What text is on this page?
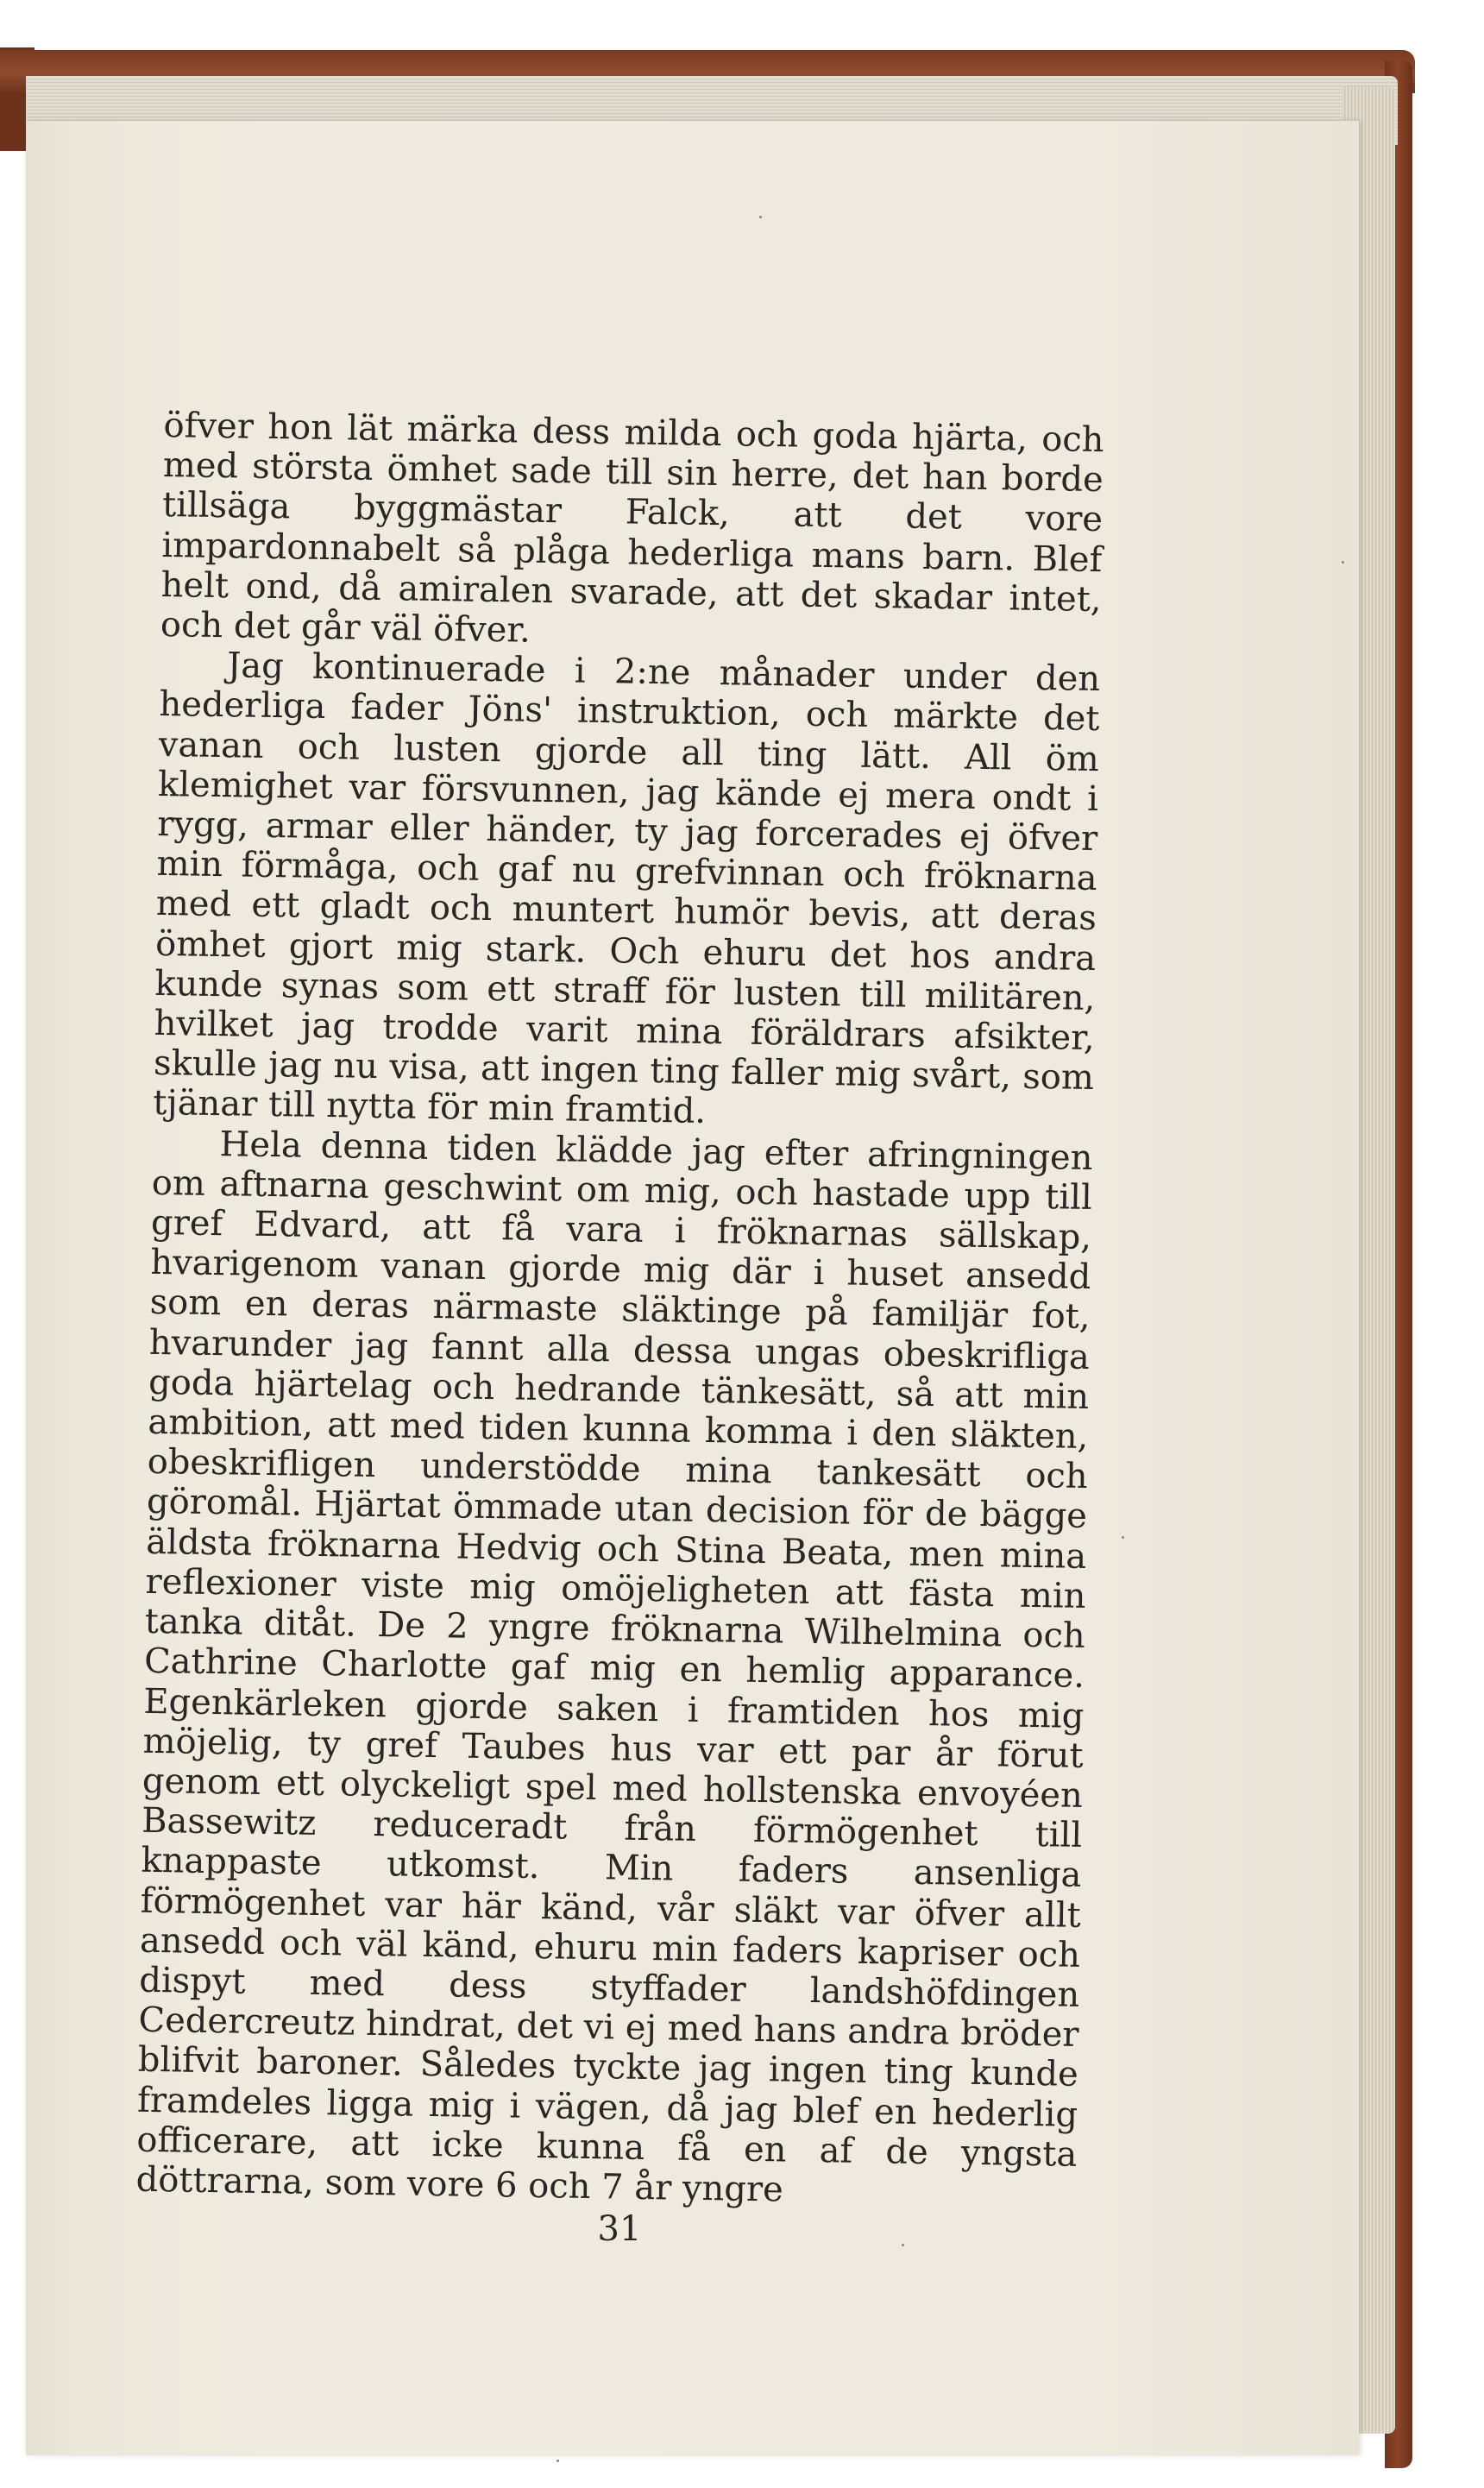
öfver hon lät märka dess milda och goda hjärta, och med största ömhet sade till sin herre, det han borde tillsäga byggmästar Falck, att det vore impardonnabelt så plåga hederliga mans barn. Blef helt ond, då amiralen svarade, att det skadar intet, och det går väl öfver.

Jag kontinuerade i 2:ne månader under den hederliga fader Jöns' instruktion, och märkte det vanan och lusten gjorde all ting lätt. All öm klemighet var försvunnen, jag kände ej mera ondt i rygg, armar eller händer, ty jag forcerades ej öfver min förmåga, och gaf nu grefvinnan och fröknarna med ett gladt och muntert humör bevis, att deras ömhet gjort mig stark. Och ehuru det hos andra kunde synas som ett straff för lusten till militären, hvilket jag trodde varit mina föräldrars afsikter, skulle jag nu visa, att ingen ting faller mig svårt, som tjänar till nytta för min framtid.

Hela denna tiden klädde jag efter afringningen om aftnarna geschwint om mig, och hastade upp till gref Edvard, att få vara i fröknarnas sällskap, hvarigenom vanan gjorde mig där i huset ansedd som en deras närmaste släktinge på familjär fot, hvarunder jag fannt alla dessa ungas obeskrifliga goda hjärtelag och hedrande tänkesätt, så att min ambition, att med tiden kunna komma i den släkten, obeskrifligen understödde mina tankesätt och göromål. Hjärtat ömmade utan decision för de bägge äldsta fröknarna Hedvig och Stina Beata, men mina reflexioner viste mig omöjeligheten att fästa min tanka ditåt. De 2 yngre fröknarna Wilhelmina och Cathrine Charlotte gaf mig en hemlig apparance. Egenkärleken gjorde saken i framtiden hos mig möjelig, ty gref Taubes hus var ett par år förut genom ett olyckeligt spel med hollstenska envoyéen Bassewitz reduceradt från förmögenhet till knappaste utkomst. Min faders ansenliga förmögenhet var här känd, vår släkt var öfver allt ansedd och väl känd, ehuru min faders kapriser och dispyt med dess styffader landshöfdingen Cedercreutz hindrat, det vi ej med hans andra bröder blifvit baroner. Således tyckte jag ingen ting kunde framdeles ligga mig i vägen, då jag blef en hederlig officerare, att icke kunna få en af de yngsta döttrarna, som vore 6 och 7 år yngre

31
